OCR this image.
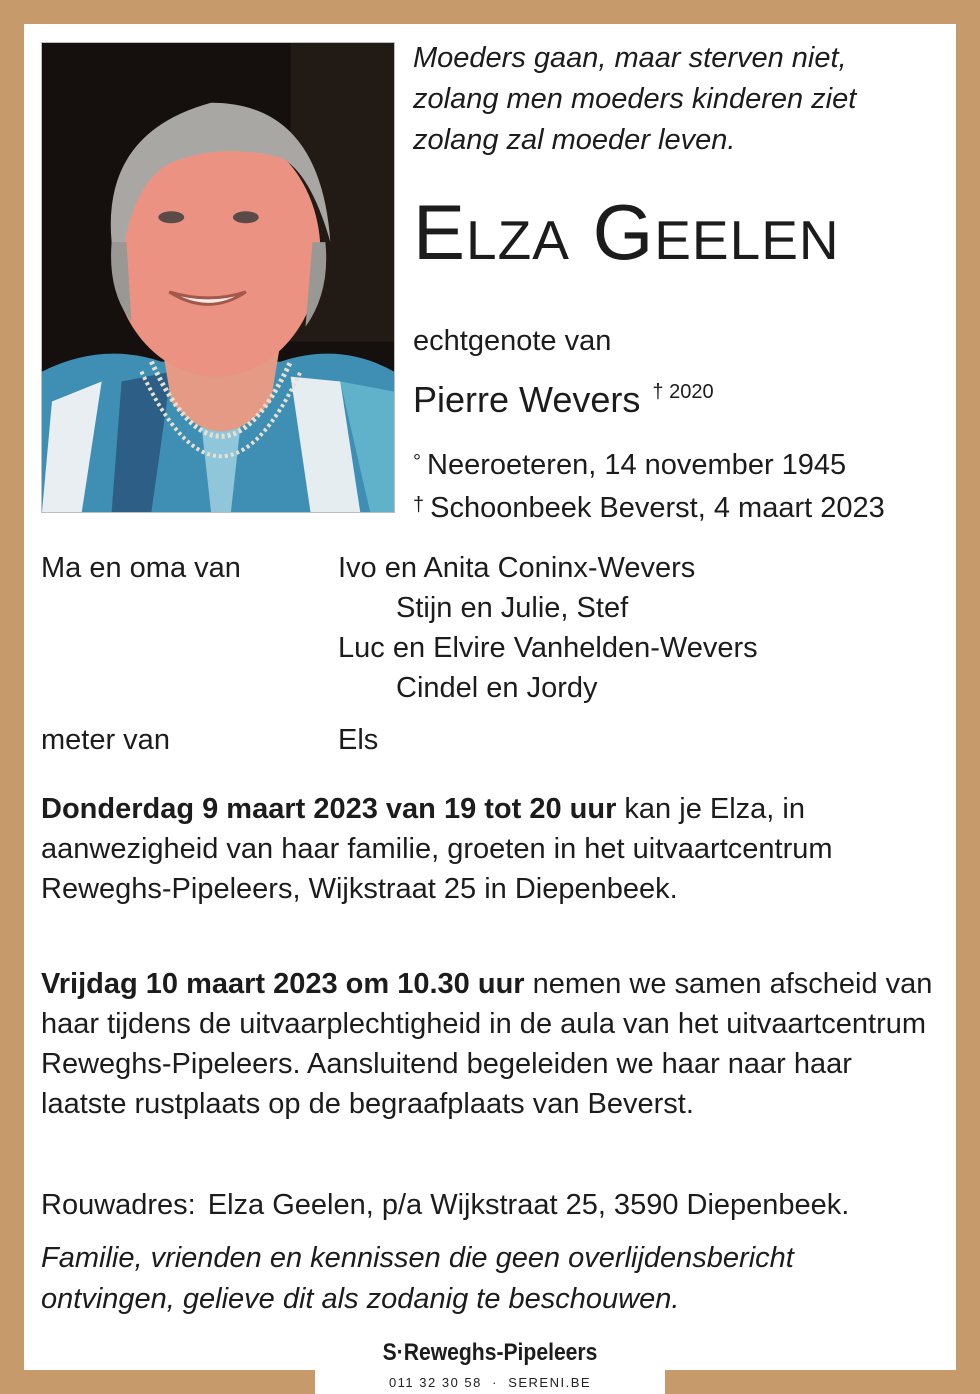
Moeders gaan, maar sterven niet,
zolang men moeders kinderen ziet
zolang zal moeder leven.
Elza Geelen
echtgenote van
Pierre Wevers $^{\dagger 2020}$
° Neeroeteren, 14 november 1945
† Schoonbeek Beverst, 4 maart 2023
Ma en oma van	Ivo en Anita Coninx-Wevers
Stijn en Julie, Stef
Luc en Elvire Vanhelden-Wevers
Cindel en Jordy
meter van	Els
Donderdag 9 maart 2023 van 19 tot 20 uur kan je Elza, in aanwezigheid van haar familie, groeten in het uitvaartcentrum Reweghs-Pipeleers, Wijkstraat 25 in Diepenbeek.
Vrijdag 10 maart 2023 om 10.30 uur nemen we samen afscheid van haar tijdens de uitvaarplechtigheid in de aula van het uitvaartcentrum Reweghs-Pipeleers. Aansluitend begeleiden we haar naar haar laatste rustplaats op de begraafplaats van Beverst.
Rouwadres: Elza Geelen, p/a Wijkstraat 25, 3590 Diepenbeek.
Familie, vrienden en kennissen die geen overlijdensbericht ontvingen, gelieve dit als zodanig te beschouwen.
S·Reweghs-Pipeleers
011 32 30 58 · SERENI.BE
